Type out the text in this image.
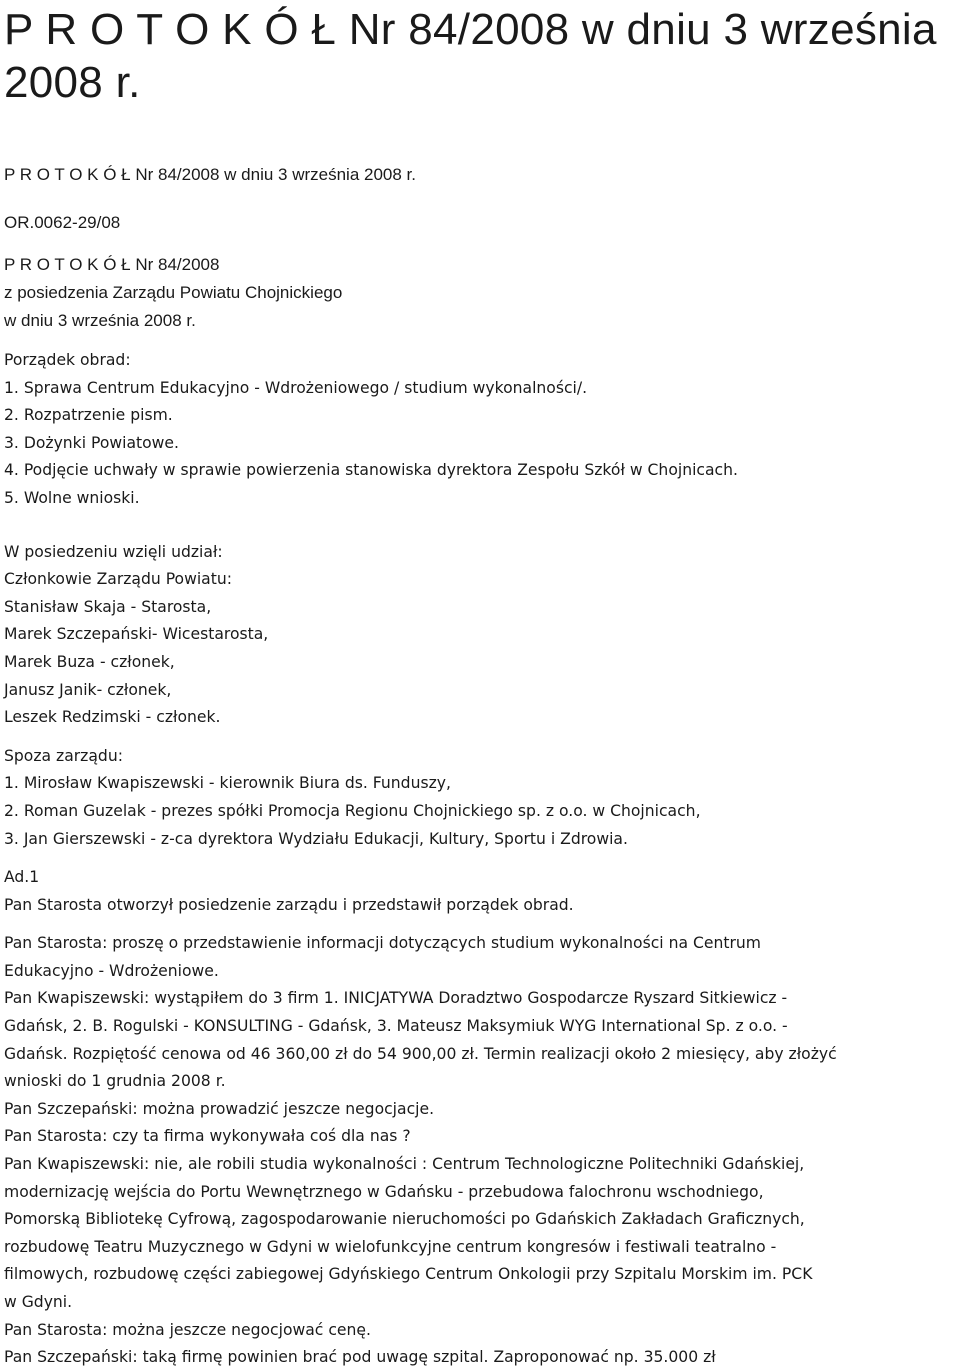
P R O T O K Ó Ł Nr 84/2008 w dniu 3 września 2008 r.
P R O T O K Ó Ł Nr 84/2008 w dniu 3 września 2008 r.
OR.0062-29/08
P R O T O K Ó Ł Nr 84/2008
z posiedzenia Zarządu Powiatu Chojnickiego
w dniu 3 września 2008 r.
Porządek obrad:
1. Sprawa Centrum Edukacyjno - Wdrożeniowego / studium wykonalności/.
2. Rozpatrzenie pism.
3. Dożynki Powiatowe.
4. Podjęcie uchwały w sprawie powierzenia stanowiska dyrektora Zespołu Szkół w Chojnicach.
5. Wolne wnioski.
W posiedzeniu wzięli udział:
Członkowie Zarządu Powiatu:
Stanisław Skaja - Starosta,
Marek Szczepański- Wicestarosta,
Marek Buza - członek,
Janusz Janik- członek,
Leszek Redzimski - członek.
Spoza zarządu:
1. Mirosław Kwapiszewski - kierownik Biura ds. Funduszy,
2. Roman Guzelak - prezes spółki Promocja Regionu Chojnickiego sp. z o.o. w Chojnicach,
3. Jan Gierszewski - z-ca dyrektora Wydziału Edukacji, Kultury, Sportu i Zdrowia.
Ad.1
Pan Starosta otworzył posiedzenie zarządu i przedstawił porządek obrad.
Pan Starosta: proszę o przedstawienie informacji dotyczących studium wykonalności na Centrum
Edukacyjno - Wdrożeniowe.
Pan Kwapiszewski: wystąpiłem do 3 firm 1. INICJATYWA Doradztwo Gospodarcze Ryszard Sitkiewicz -
Gdańsk, 2. B. Rogulski - KONSULTING - Gdańsk, 3. Mateusz Maksymiuk WYG International Sp. z o.o. -
Gdańsk. Rozpiętość cenowa od 46 360,00 zł do 54 900,00 zł. Termin realizacji około 2 miesięcy, aby złożyć
wnioski do 1 grudnia 2008 r.
Pan Szczepański: można prowadzić jeszcze negocjacje.
Pan Starosta: czy ta firma wykonywała coś dla nas ?
Pan Kwapiszewski: nie, ale robili studia wykonalności : Centrum Technologiczne Politechniki Gdańskiej,
modernizację wejścia do Portu Wewnętrznego w Gdańsku - przebudowa falochronu wschodniego,
Pomorską Bibliotekę Cyfrową, zagospodarowanie nieruchomości po Gdańskich Zakładach Graficznych,
rozbudowę Teatru Muzycznego w Gdyni w wielofunkcyjne centrum kongresów i festiwali teatralno -
filmowych, rozbudowę części zabiegowej Gdyńskiego Centrum Onkologii przy Szpitalu Morskim im. PCK
w Gdyni.
Pan Starosta: można jeszcze negocjować cenę.
Pan Szczepański: taką firmę powinien brać pod uwagę szpital. Zaproponować np. 35.000 zł
